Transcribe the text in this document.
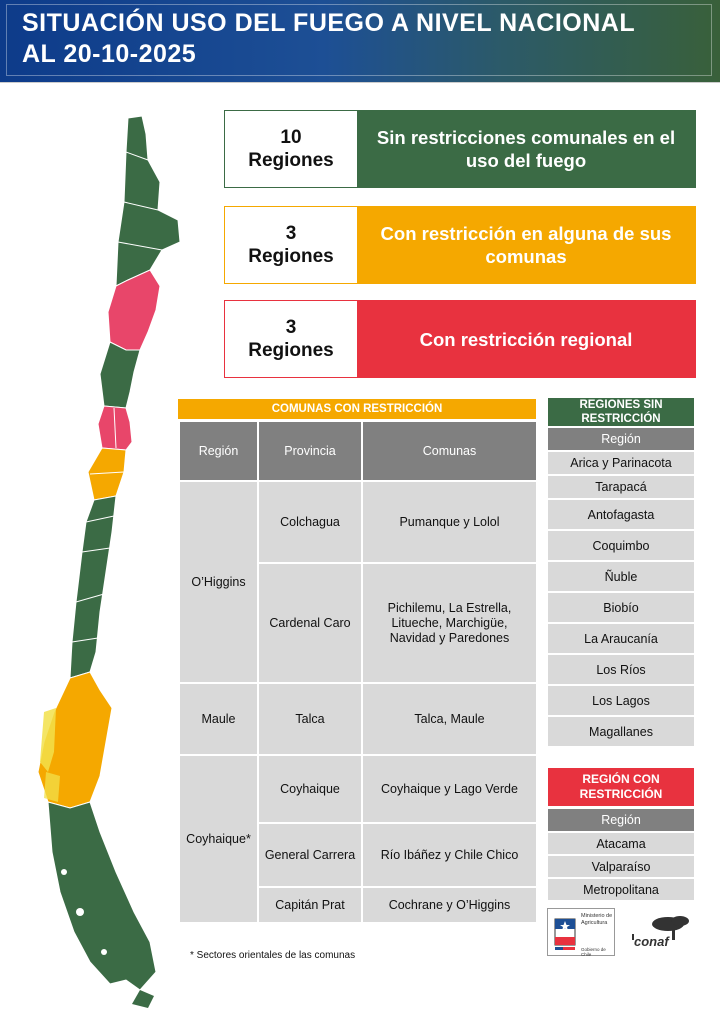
SITUACIÓN USO DEL FUEGO A NIVEL NACIONAL
AL 20-10-2025
10
Regiones
Sin restricciones comunales en el uso del fuego
3
Regiones
Con restricción en alguna de sus comunas
3
Regiones
Con restricción regional
COMUNAS CON RESTRICCIÓN
Región	Provincia	Comunas
O’Higgins	Colchagua	Pumanque y Lolol
	Cardenal Caro	Pichilemu, La Estrella, Litueche, Marchigüe, Navidad y Paredones
Maule	Talca	Talca, Maule
Coyhaique*	Coyhaique	Coyhaique y Lago Verde
	General Carrera	Río Ibáñez y Chile Chico
	Capitán Prat	Cochrane y O’Higgins
REGIONES SIN RESTRICCIÓN
Región
Arica y Parinacota
Tarapacá
Antofagasta
Coquimbo
Ñuble
Biobío
La Araucanía
Los Ríos
Los Lagos
Magallanes
REGIÓN CON RESTRICCIÓN
Región
Atacama
Valparaíso
Metropolitana
* Sectores orientales de las comunas
Ministerio de Agricultura
Gobierno de Chile
conaf
